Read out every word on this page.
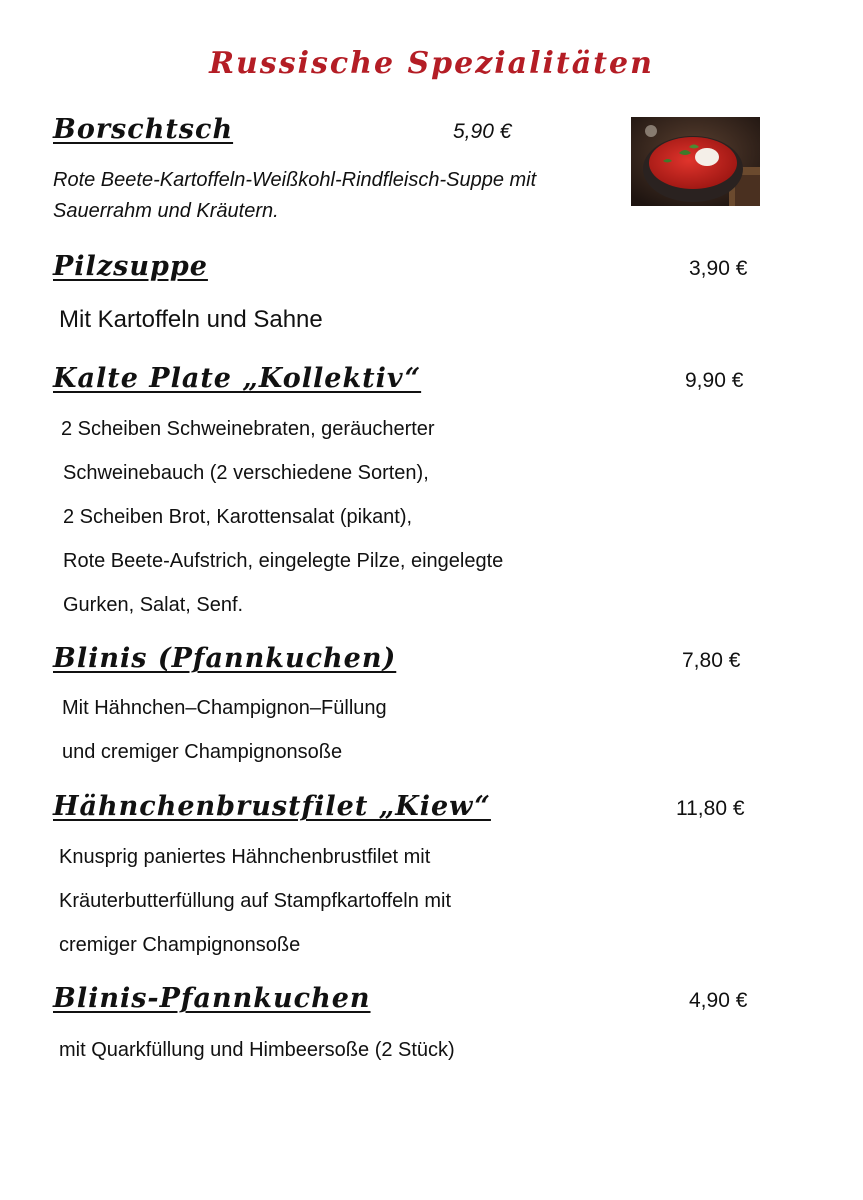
Russische Spezialitäten
Borschtsch	5,90 €
Rote Beete-Kartoffeln-Weißkohl-Rindfleisch-Suppe mit
Sauerrahm und Kräutern.
Pilzsuppe	3,90 €
Mit Kartoffeln und Sahne
Kalte Plate „Kollektiv“	9,90 €
2 Scheiben Schweinebraten, geräucherter
Schweinebauch (2 verschiedene Sorten),
2 Scheiben Brot, Karottensalat (pikant),
Rote Beete-Aufstrich, eingelegte Pilze, eingelegte
Gurken, Salat, Senf.
Blinis (Pfannkuchen)	7,80 €
Mit Hähnchen–Champignon–Füllung
und cremiger Champignonsoße
Hähnchenbrustfilet „Kiew“	11,80 €
Knusprig paniertes Hähnchenbrustfilet mit
Kräuterbutterfüllung auf Stampfkartoffeln mit
cremiger Champignonsoße
Blinis-Pfannkuchen	4,90 €
mit Quarkfüllung und Himbeersoße (2 Stück)
